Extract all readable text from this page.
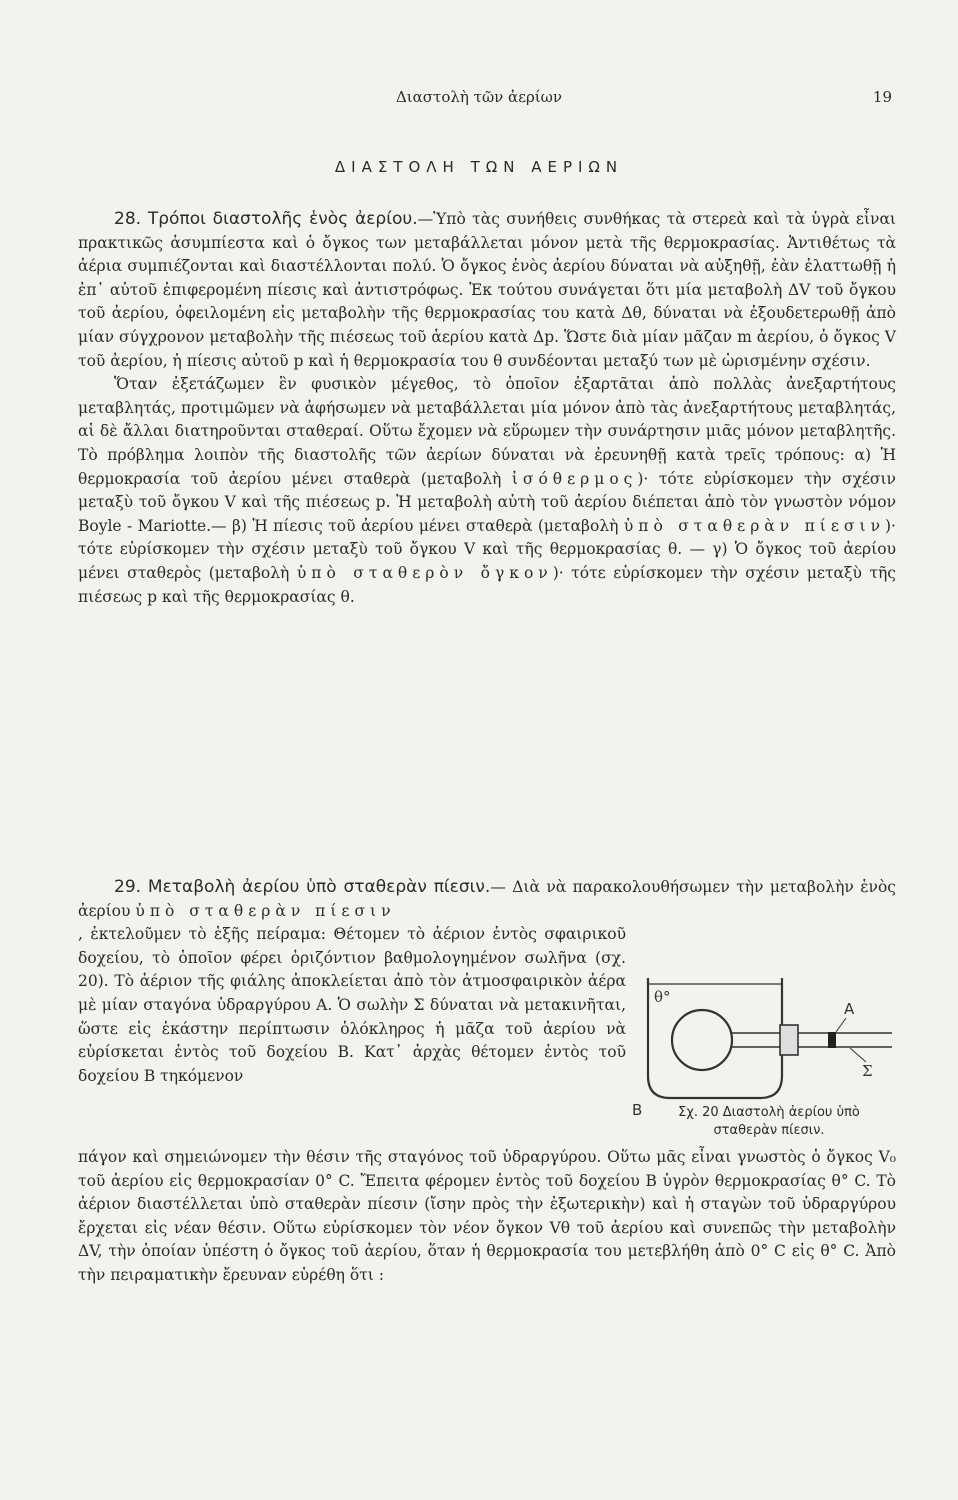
Διαστολὴ τῶν ἀερίων	19
ΔΙΑΣΤΟΛΗ ΤΩΝ ΑΕΡΙΩΝ

28. Τρόποι διαστολῆς ἑνὸς ἀερίου.—Ὑπὸ τὰς συνήθεις συνθήκας τὰ στερεὰ καὶ τὰ ὑγρὰ εἶναι πρακτικῶς ἀσυμπίεστα καὶ ὁ ὄγκος των μεταβάλλεται μόνον μετὰ τῆς θερμοκρασίας. Ἀντιθέτως τὰ ἀέρια συμπιέζονται καὶ διαστέλλονται πολύ. Ὁ ὄγκος ἑνὸς ἀερίου δύναται νὰ αὐξηθῇ, ἐὰν ἐλαττωθῇ ἡ ἐπ᾽ αὐτοῦ ἐπιφερομένη πίεσις καὶ ἀντιστρόφως. Ἐκ τούτου συνάγεται ὅτι μία μεταβολὴ ΔV τοῦ ὄγκου τοῦ ἀερίου, ὀφειλομένη εἰς μεταβολὴν τῆς θερμοκρασίας του κατὰ Δθ, δύναται νὰ ἐξουδετερωθῇ ἀπὸ μίαν σύγχρονον μεταβολὴν τῆς πιέσεως τοῦ ἀερίου κατὰ Δp. Ὥστε διὰ μίαν μᾶζαν m ἀερίου, ὁ ὄγκος V τοῦ ἀερίου, ἡ πίεσις αὐτοῦ p καὶ ἡ θερμοκρασία του θ συνδέονται μεταξύ των μὲ ὡρισμένην σχέσιν.

Ὅταν ἐξετάζωμεν ἓν φυσικὸν μέγεθος, τὸ ὁποῖον ἐξαρτᾶται ἀπὸ πολλὰς ἀνεξαρτήτους μεταβλητάς, προτιμῶμεν νὰ ἀφήσωμεν νὰ μεταβάλλεται μία μόνον ἀπὸ τὰς ἀνεξαρτήτους μεταβλητάς, αἱ δὲ ἄλλαι διατηροῦνται σταθεραί. Οὕτω ἔχομεν νὰ εὕρωμεν τὴν συνάρτησιν μιᾶς μόνον μεταβλητῆς. Τὸ πρόβλημα λοιπὸν τῆς διαστολῆς τῶν ἀερίων δύναται νὰ ἐρευνηθῇ κατὰ τρεῖς τρόπους: α) Ἡ θερμοκρασία τοῦ ἀερίου μένει σταθερὰ (μεταβολὴ ἰσόθερμος)· τότε εὑρίσκομεν τὴν σχέσιν μεταξὺ τοῦ ὄγκου V καὶ τῆς πιέσεως p. Ἡ μεταβολὴ αὐτὴ τοῦ ἀερίου διέπεται ἀπὸ τὸν γνωστὸν νόμον Boyle - Mariotte.— β) Ἡ πίεσις τοῦ ἀερίου μένει σταθερὰ (μεταβολὴ ὑπὸ σταθερὰν πίεσιν)· τότε εὑρίσκομεν τὴν σχέσιν μεταξὺ τοῦ ὄγκου V καὶ τῆς θερμοκρασίας θ. — γ) Ὁ ὄγκος τοῦ ἀερίου μένει σταθερὸς (μεταβολὴ ὑπὸ σταθερὸν ὄγκον)· τότε εὑρίσκομεν τὴν σχέσιν μεταξὺ τῆς πιέσεως p καὶ τῆς θερμοκρασίας θ.

29. Μεταβολὴ ἀερίου ὑπὸ σταθερὰν πίεσιν.— Διὰ νὰ παρακολουθήσωμεν τὴν μεταβολὴν ἑνὸς ἀερίου ὑπὸ σταθερὰν πίεσιν

, ἐκτελοῦμεν τὸ ἑξῆς πείραμα: Θέτομεν τὸ ἀέριον ἐντὸς σφαιρικοῦ δοχείου, τὸ ὁποῖον φέρει ὁριζόντιον βαθμολογημένον σωλῆνα (σχ. 20). Τὸ ἀέριον τῆς φιάλης ἀποκλείεται ἀπὸ τὸν ἀτμοσφαιρικὸν ἀέρα μὲ μίαν σταγόνα ὑδραργύρου Α. Ὁ σωλὴν Σ δύναται νὰ μετακινῆται, ὥστε εἰς ἑκάστην περίπτωσιν ὁλόκληρος ἡ μᾶζα τοῦ ἀερίου νὰ εὑρίσκεται ἐντὸς τοῦ δοχείου Β. Κατ᾽ ἀρχὰς θέτομεν ἐντὸς τοῦ δοχείου Β τηκόμενον

πάγον καὶ σημειώνομεν τὴν θέσιν τῆς σταγόνος τοῦ ὑδραργύρου. Οὕτω μᾶς εἶναι γνωστὸς ὁ ὄγκος V₀ τοῦ ἀερίου εἰς θερμοκρασίαν 0° C. Ἔπειτα φέρομεν ἐντὸς τοῦ δοχείου Β ὑγρὸν θερμοκρασίας θ° C. Τὸ ἀέριον διαστέλλεται ὑπὸ σταθερὰν πίεσιν (ἴσην πρὸς τὴν ἐξωτερικὴν) καὶ ἡ σταγὼν τοῦ ὑδραργύρου ἔρχεται εἰς νέαν θέσιν. Οὕτω εὑρίσκομεν τὸν νέον ὄγκον Vθ τοῦ ἀερίου καὶ συνεπῶς τὴν μεταβολὴν ΔV, τὴν ὁποίαν ὑπέστη ὁ ὄγκος τοῦ ἀερίου, ὅταν ἡ θερμοκρασία του μετεβλήθη ἀπὸ 0° C εἰς θ° C. Ἀπὸ τὴν πειραματικὴν ἔρευναν εὑρέθη ὅτι :

θ°
A
Σ
B	Σχ. 20 Διαστολὴ ἀερίου ὑπὸ
σταθερὰν πίεσιν.
